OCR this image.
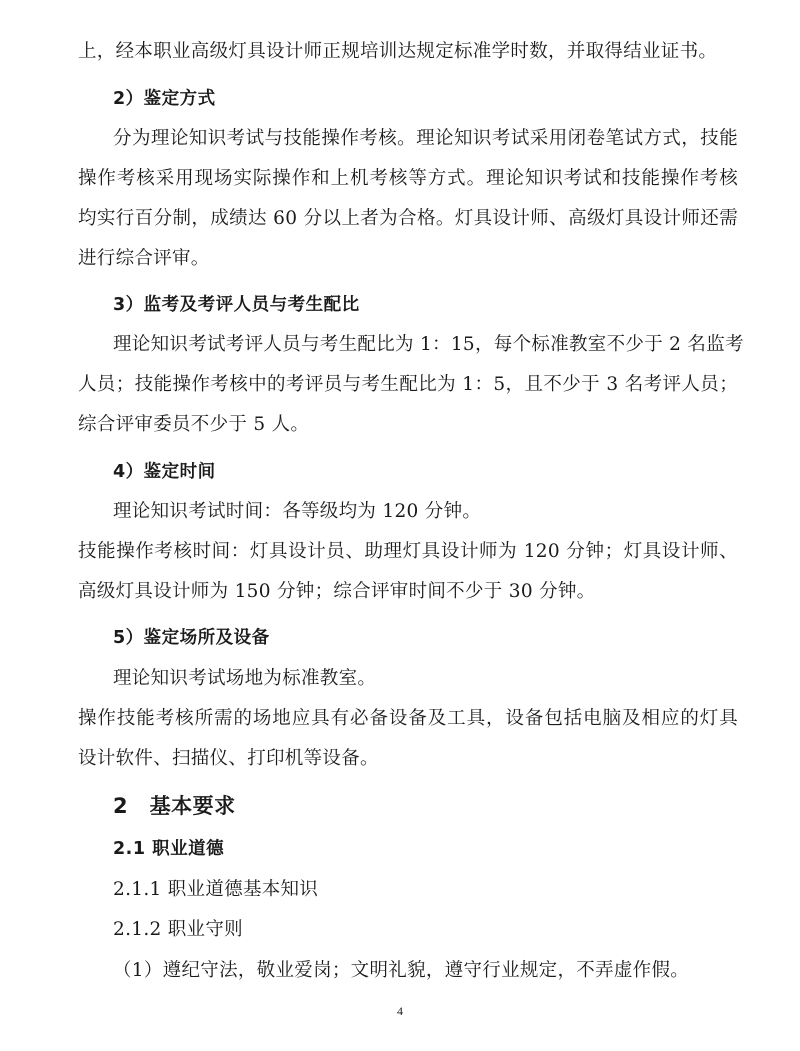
上，经本职业高级灯具设计师正规培训达规定标准学时数，并取得结业证书。
2）鉴定方式
分为理论知识考试与技能操作考核。理论知识考试采用闭卷笔试方式，技能
操作考核采用现场实际操作和上机考核等方式。理论知识考试和技能操作考核
均实行百分制，成绩达 60 分以上者为合格。灯具设计师、高级灯具设计师还需
进行综合评审。
3）监考及考评人员与考生配比
理论知识考试考评人员与考生配比为 1：15，每个标准教室不少于 2 名监考
人员；技能操作考核中的考评员与考生配比为 1：5，且不少于 3 名考评人员；
综合评审委员不少于 5 人。
4）鉴定时间
理论知识考试时间：各等级均为 120 分钟。
技能操作考核时间：灯具设计员、助理灯具设计师为 120 分钟；灯具设计师、
高级灯具设计师为 150 分钟；综合评审时间不少于 30 分钟。
5）鉴定场所及设备
理论知识考试场地为标准教室。
操作技能考核所需的场地应具有必备设备及工具，设备包括电脑及相应的灯具
设计软件、扫描仪、打印机等设备。
2　基本要求
2.1 职业道德
2.1.1 职业道德基本知识
2.1.2 职业守则
（1）遵纪守法，敬业爱岗；文明礼貌，遵守行业规定，不弄虚作假。
4
